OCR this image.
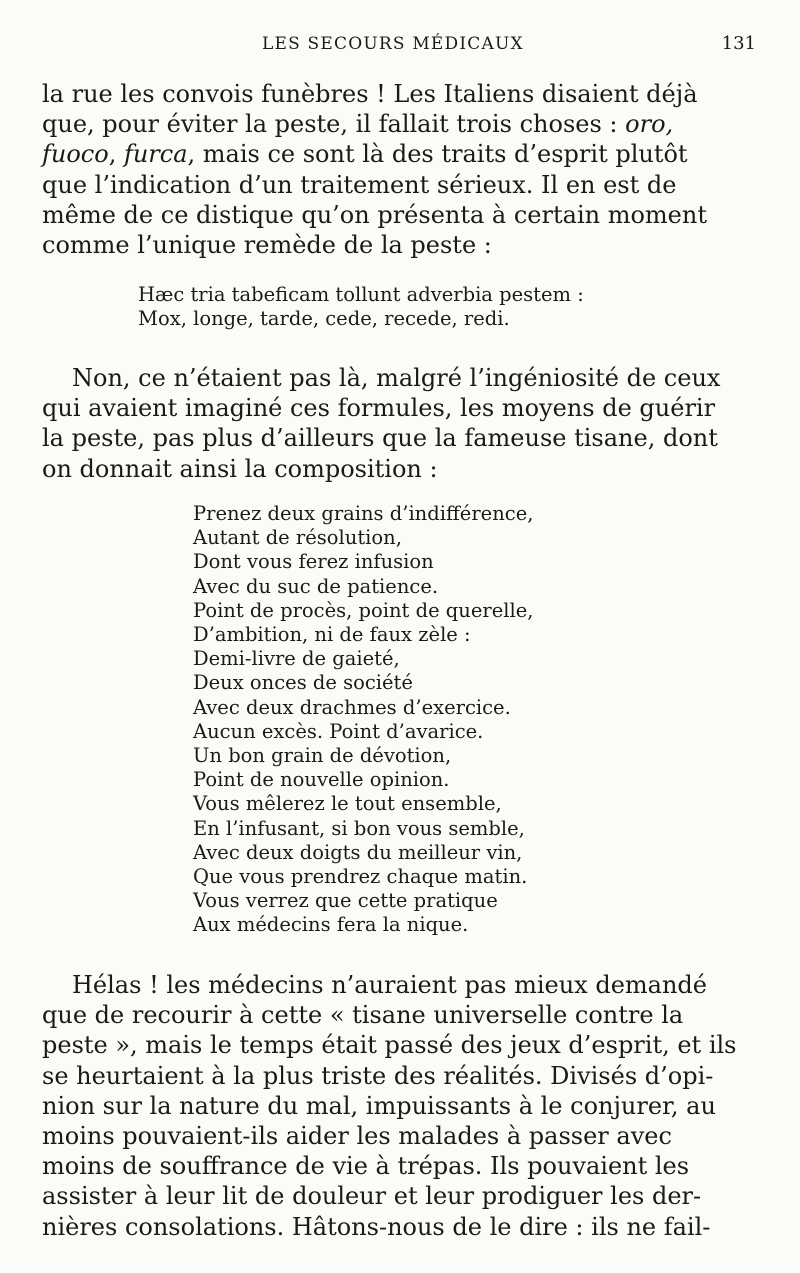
LES SECOURS MÉDICAUX	131
la rue les convois funèbres ! Les Italiens disaient déjà
que, pour éviter la peste, il fallait trois choses : oro,
fuoco, furca, mais ce sont là des traits d’esprit plutôt
que l’indication d’un traitement sérieux. Il en est de
même de ce distique qu’on présenta à certain moment
comme l’unique remède de la peste :
Hæc tria tabeficam tollunt adverbia pestem :
Mox, longe, tarde, cede, recede, redi.
Non, ce n’étaient pas là, malgré l’ingéniosité de ceux
qui avaient imaginé ces formules, les moyens de guérir
la peste, pas plus d’ailleurs que la fameuse tisane, dont
on donnait ainsi la composition :
Prenez deux grains d’indifférence,
Autant de résolution,
Dont vous ferez infusion
Avec du suc de patience.
Point de procès, point de querelle,
D’ambition, ni de faux zèle :
Demi-livre de gaieté,
Deux onces de société
Avec deux drachmes d’exercice.
Aucun excès. Point d’avarice.
Un bon grain de dévotion,
Point de nouvelle opinion.
Vous mêlerez le tout ensemble,
En l’infusant, si bon vous semble,
Avec deux doigts du meilleur vin,
Que vous prendrez chaque matin.
Vous verrez que cette pratique
Aux médecins fera la nique.
Hélas ! les médecins n’auraient pas mieux demandé
que de recourir à cette « tisane universelle contre la
peste », mais le temps était passé des jeux d’esprit, et ils
se heurtaient à la plus triste des réalités. Divisés d’opi-
nion sur la nature du mal, impuissants à le conjurer, au
moins pouvaient-ils aider les malades à passer avec
moins de souffrance de vie à trépas. Ils pouvaient les
assister à leur lit de douleur et leur prodiguer les der-
nières consolations. Hâtons-nous de le dire : ils ne fail-
